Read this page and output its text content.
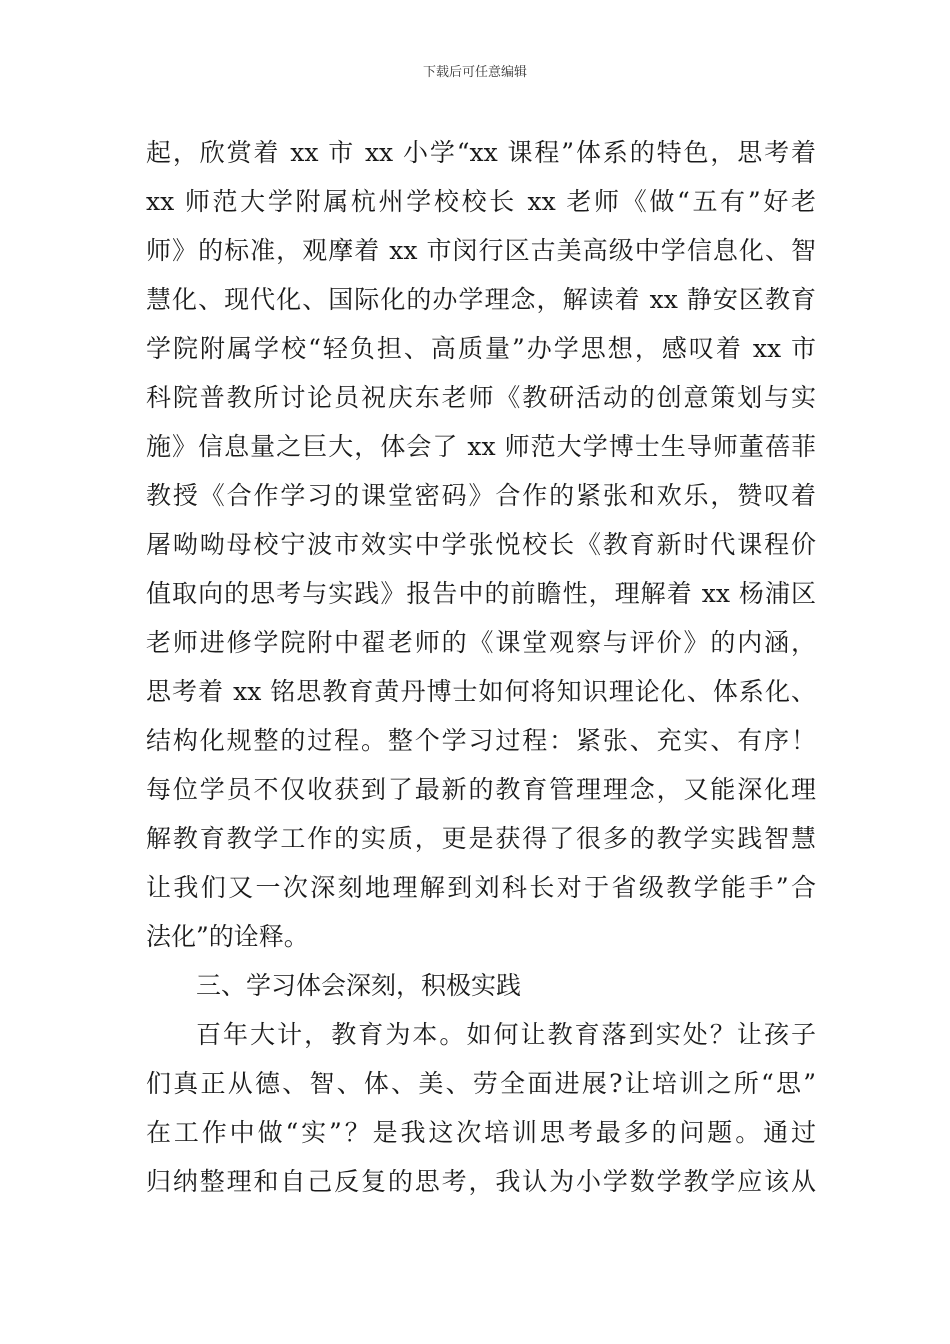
下载后可任意编辑
起，欣赏着 xx 市 xx 小学“xx 课程”体系的特色，思考着
xx 师范大学附属杭州学校校长 xx 老师《做“五有”好老
师》的标准，观摩着 xx 市闵行区古美高级中学信息化、智
慧化、现代化、国际化的办学理念，解读着 xx 静安区教育
学院附属学校“轻负担、高质量”办学思想，感叹着 xx 市
科院普教所讨论员祝庆东老师《教研活动的创意策划与实
施》信息量之巨大，体会了 xx 师范大学博士生导师董蓓菲
教授《合作学习的课堂密码》合作的紧张和欢乐，赞叹着
屠呦呦母校宁波市效实中学张悦校长《教育新时代课程价
值取向的思考与实践》报告中的前瞻性，理解着 xx 杨浦区
老师进修学院附中翟老师的《课堂观察与评价》的内涵，
思考着 xx 铭思教育黄丹博士如何将知识理论化、体系化、
结构化规整的过程。整个学习过程：紧张、充实、有序！
每位学员不仅收获到了最新的教育管理理念，又能深化理
解教育教学工作的实质，更是获得了很多的教学实践智慧
让我们又一次深刻地理解到刘科长对于省级教学能手”合
法化”的诠释。
三、学习体会深刻，积极实践
百年大计，教育为本。如何让教育落到实处？让孩子
们真正从德、智、体、美、劳全面进展?让培训之所“思”
在工作中做“实”？是我这次培训思考最多的问题。通过
归纳整理和自己反复的思考，我认为小学数学教学应该从
